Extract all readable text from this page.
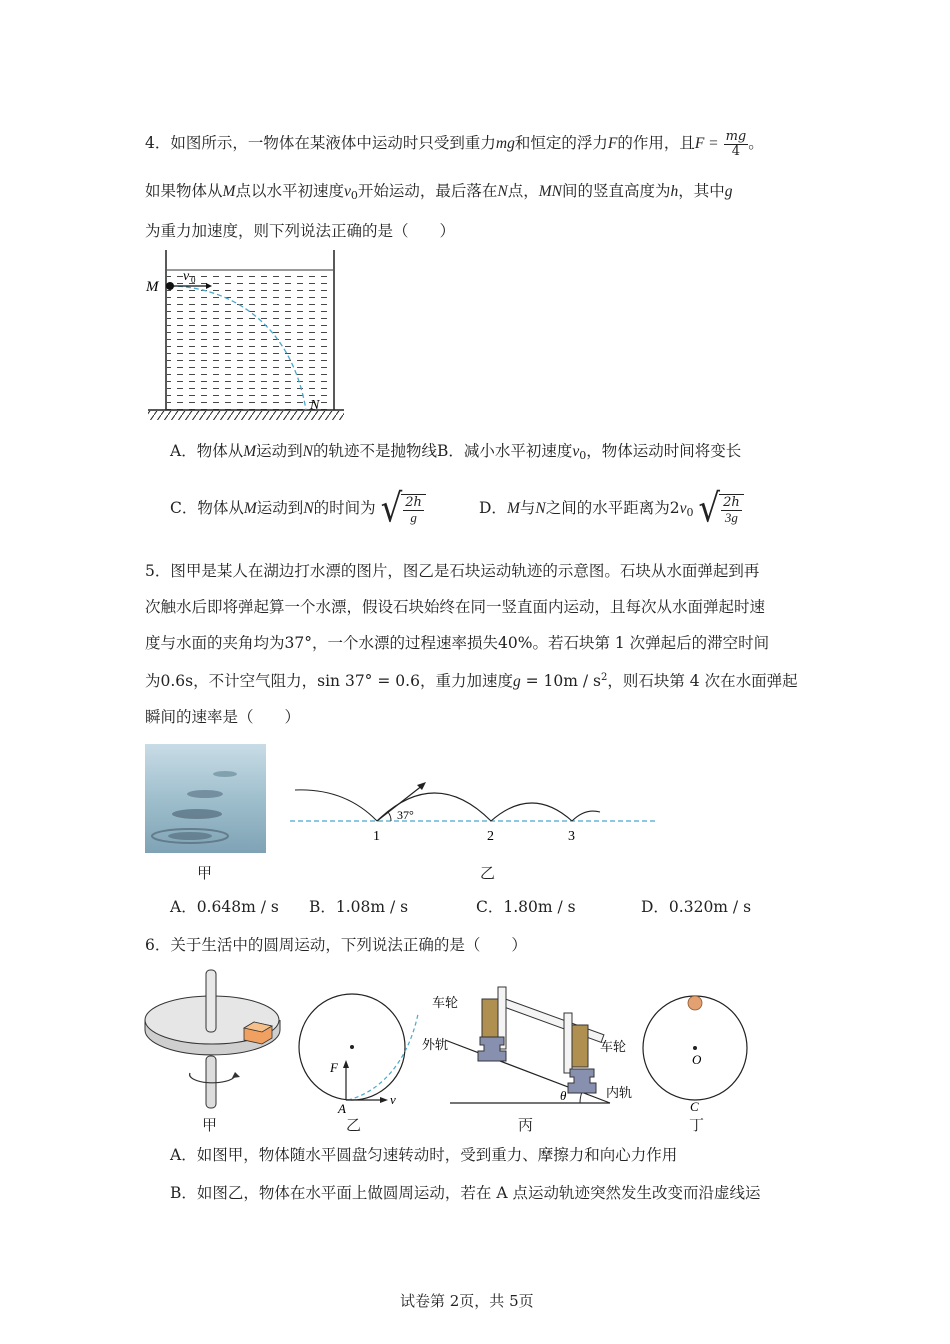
4．如图所示，一物体在某液体中运动时只受到重力mg和恒定的浮力F的作用，且$F = \frac{mg}{4}$ 。
如果物体从M点以水平初速度$v_0$开始运动，最后落在N点，MN间的竖直高度为h，其中g
为重力加速度，则下列说法正确的是（　　）
M
v 0
N
A．物体从M运动到N的轨迹不是抛物线B．减小水平初速度$v_0$，物体运动时间将变长
C．物体从M运动到N的时间为 √ $\frac{2h}{g}$	D．M与N之间的水平距离为$2v_0$ √ $\frac{2h}{3g}$
5．图甲是某人在湖边打水漂的图片，图乙是石块运动轨迹的示意图。石块从水面弹起到再
次触水后即将弹起算一个水漂，假设石块始终在同一竖直面内运动，且每次从水面弹起时速
度与水面的夹角均为37°，一个水漂的过程速率损失40%。若石块第 1 次弹起后的滞空时间
为0.6s，不计空气阻力，sin 37° = 0.6，重力加速度$g = 10m / s^2$，则石块第 4 次在水面弹起
瞬间的速率是（　　）
甲
37°
1	2	3
乙
A．0.648m / s B．1.08m / s	C．1.80m / s	D．0.320m / s
6．关于生活中的圆周运动，下列说法正确的是（　　）
甲
F
A
v
乙
θ
车轮
外轨	车轮
内轨
丙
O
C
丁
A．如图甲，物体随水平圆盘匀速转动时，受到重力、摩擦力和向心力作用
B．如图乙，物体在水平面上做圆周运动，若在 A 点运动轨迹突然发生改变而沿虚线运
试卷第 2页，共 5页
